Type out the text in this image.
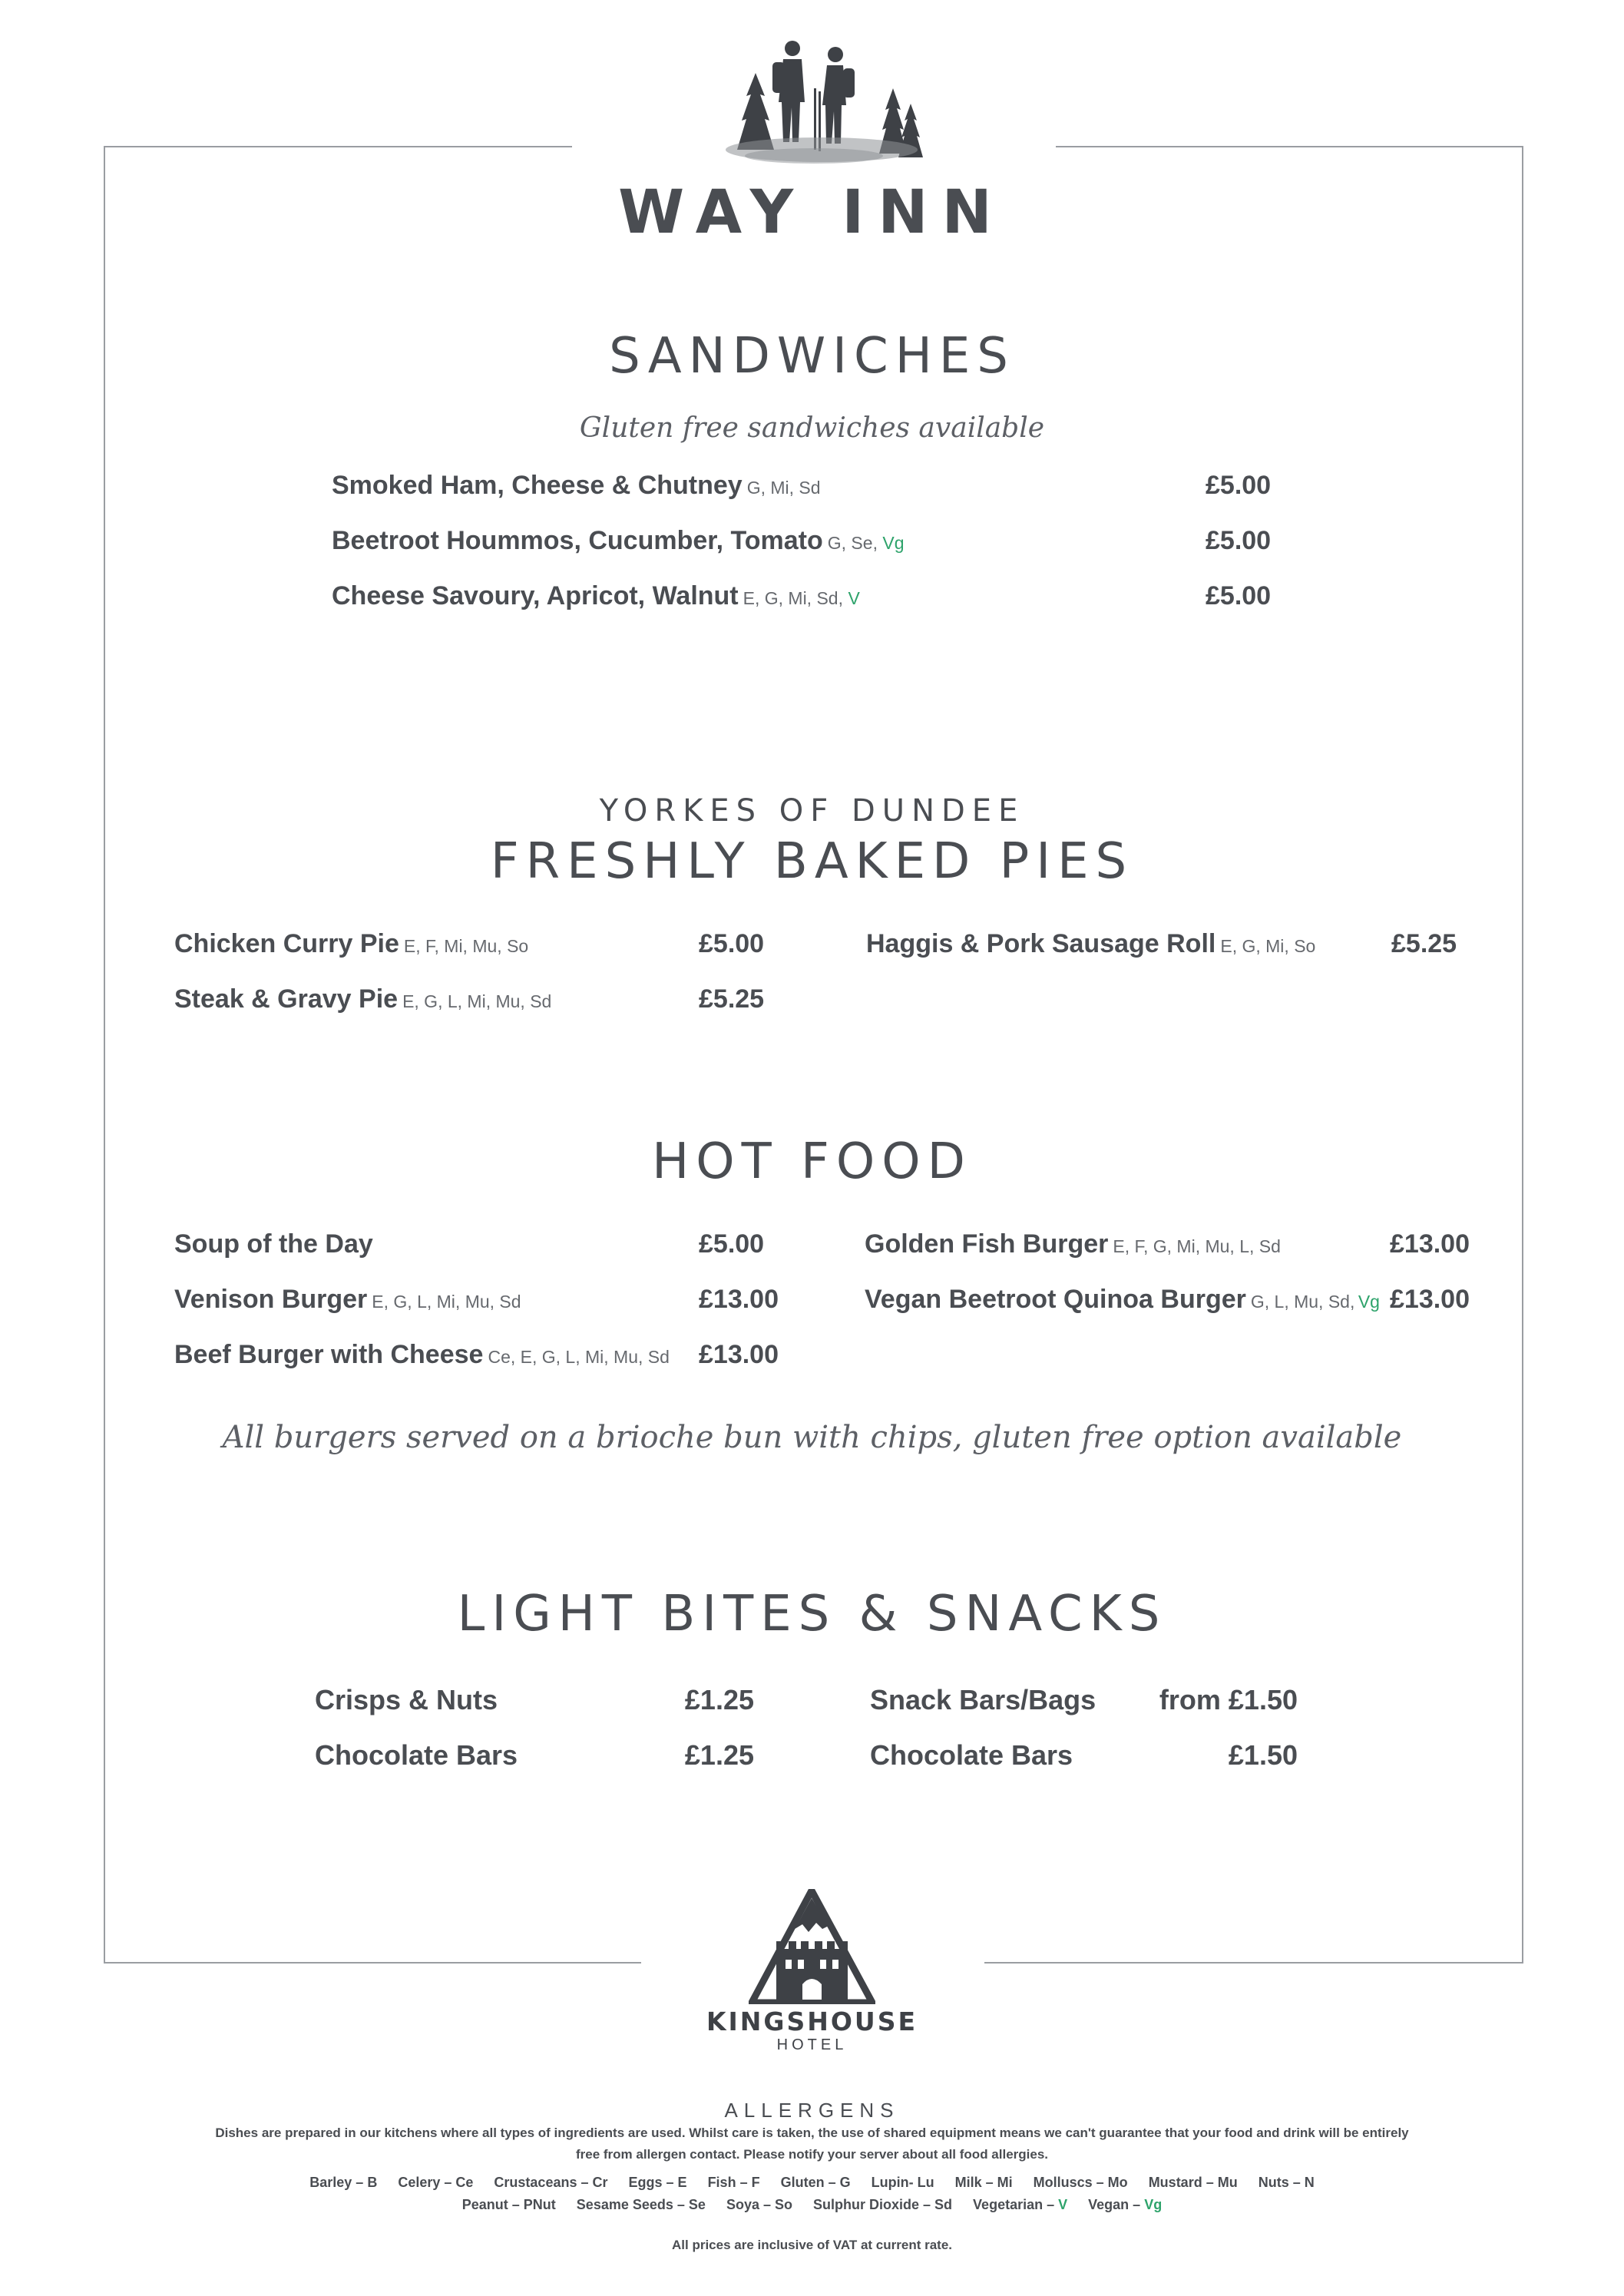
WAY INN
SANDWICHES
Gluten free sandwiches available
Smoked Ham, Cheese & Chutney G, Mi, Sd	£5.00
Beetroot Hoummos, Cucumber, Tomato G, Se, Vg	£5.00
Cheese Savoury, Apricot, Walnut E, G, Mi, Sd, V	£5.00
YORKES OF DUNDEE
FRESHLY BAKED PIES
Chicken Curry Pie E, F, Mi, Mu, So	£5.00
Steak & Gravy Pie E, G, L, Mi, Mu, Sd	£5.25
Haggis & Pork Sausage Roll E, G, Mi, So	£5.25
HOT FOOD
Soup of the Day	£5.00
Venison Burger E, G, L, Mi, Mu, Sd	£13.00
Beef Burger with Cheese Ce, E, G, L, Mi, Mu, Sd £13.00
Golden Fish Burger E, F, G, Mi, Mu, L, Sd	£13.00
Vegan Beetroot Quinoa Burger G, L, Mu, Sd, Vg £13.00
All burgers served on a brioche bun with chips, gluten free option available
LIGHT BITES & SNACKS
Crisps & Nuts	£1.25
Chocolate Bars	£1.25
Snack Bars/Bags from £1.50
Chocolate Bars	£1.50
KINGSHOUSE
HOTEL
ALLERGENS
Dishes are prepared in our kitchens where all types of ingredients are used. Whilst care is taken, the use of shared equipment means we can't guarantee that your food and drink will be entirely
free from allergen contact. Please notify your server about all food allergies.
Barley – B Celery – Ce Crustaceans – Cr Eggs – E Fish – F Gluten – G Lupin- Lu Milk – Mi Molluscs – Mo Mustard – Mu Nuts – N
Peanut – PNut Sesame Seeds – Se Soya – So Sulphur Dioxide – Sd Vegetarian – V Vegan – Vg
All prices are inclusive of VAT at current rate.
